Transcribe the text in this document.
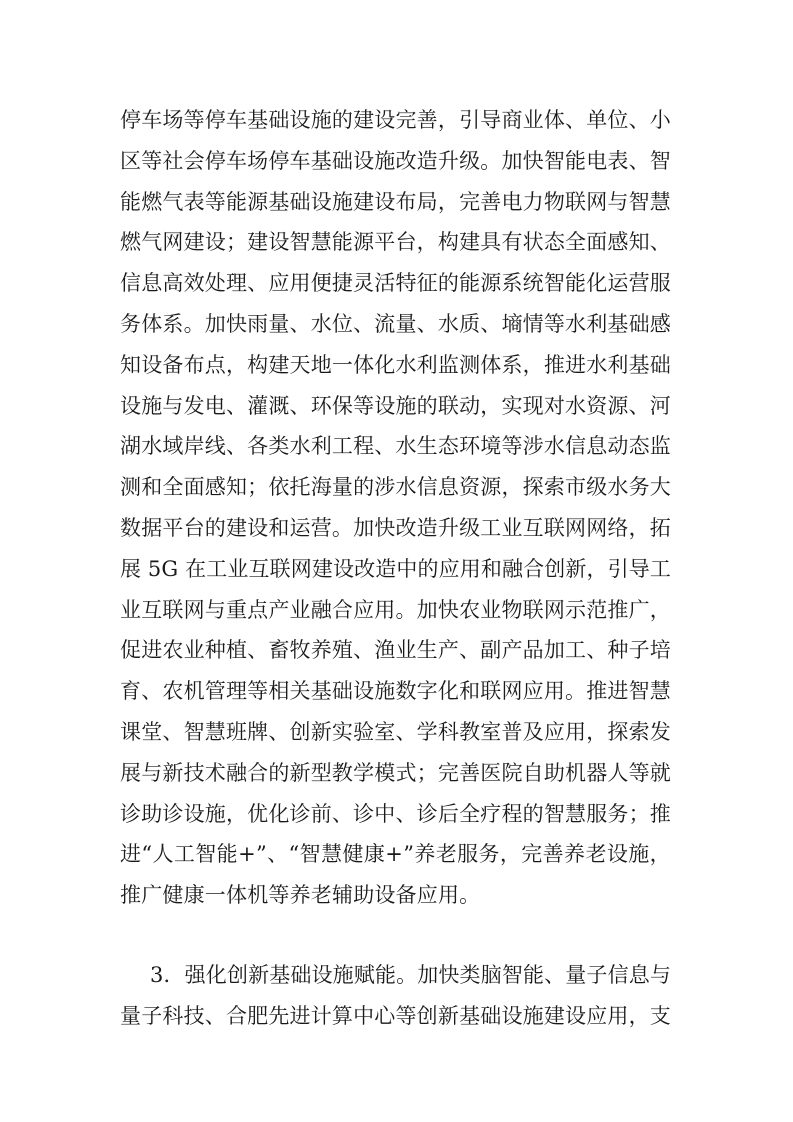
停车场等停车基础设施的建设完善，引导商业体、单位、小
区等社会停车场停车基础设施改造升级。加快智能电表、智
能燃气表等能源基础设施建设布局，完善电力物联网与智慧
燃气网建设；建设智慧能源平台，构建具有状态全面感知、
信息高效处理、应用便捷灵活特征的能源系统智能化运营服
务体系。加快雨量、水位、流量、水质、墒情等水利基础感
知设备布点，构建天地一体化水利监测体系，推进水利基础
设施与发电、灌溉、环保等设施的联动，实现对水资源、河
湖水域岸线、各类水利工程、水生态环境等涉水信息动态监
测和全面感知；依托海量的涉水信息资源，探索市级水务大
数据平台的建设和运营。加快改造升级工业互联网网络，拓
展 5G 在工业互联网建设改造中的应用和融合创新，引导工
业互联网与重点产业融合应用。加快农业物联网示范推广，
促进农业种植、畜牧养殖、渔业生产、副产品加工、种子培
育、农机管理等相关基础设施数字化和联网应用。推进智慧
课堂、智慧班牌、创新实验室、学科教室普及应用，探索发
展与新技术融合的新型教学模式；完善医院自助机器人等就
诊助诊设施，优化诊前、诊中、诊后全疗程的智慧服务；推
进“人工智能+”、“智慧健康+”养老服务，完善养老设施，
推广健康一体机等养老辅助设备应用。
3．强化创新基础设施赋能。加快类脑智能、量子信息与
量子科技、合肥先进计算中心等创新基础设施建设应用，支
